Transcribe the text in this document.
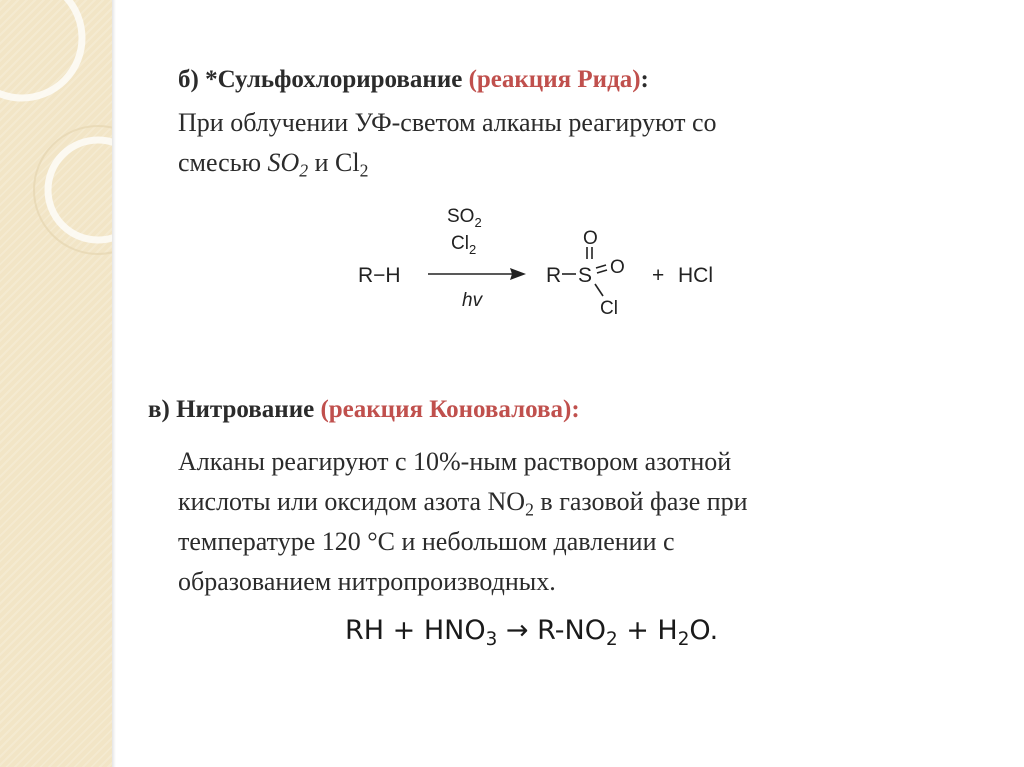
б) *Сульфохлорирование (реакция Рида):
При облучении УФ-светом алканы реагируют со
смесью $SO_2$ и $Cl_2$
R−H
$SO_2$
$Cl_2$
hv
R S
O
O
Cl
+ HCl
в) Нитрование (реакция Коновалова):
Алканы реагируют с 10%-ным раствором азотной
кислоты или оксидом азота $NO_2$ в газовой фазе при
температуре 120 °С и небольшом давлении с
образованием нитропроизводных.
RH + $HNO_3 \to R-NO_2 + H_2O$.
